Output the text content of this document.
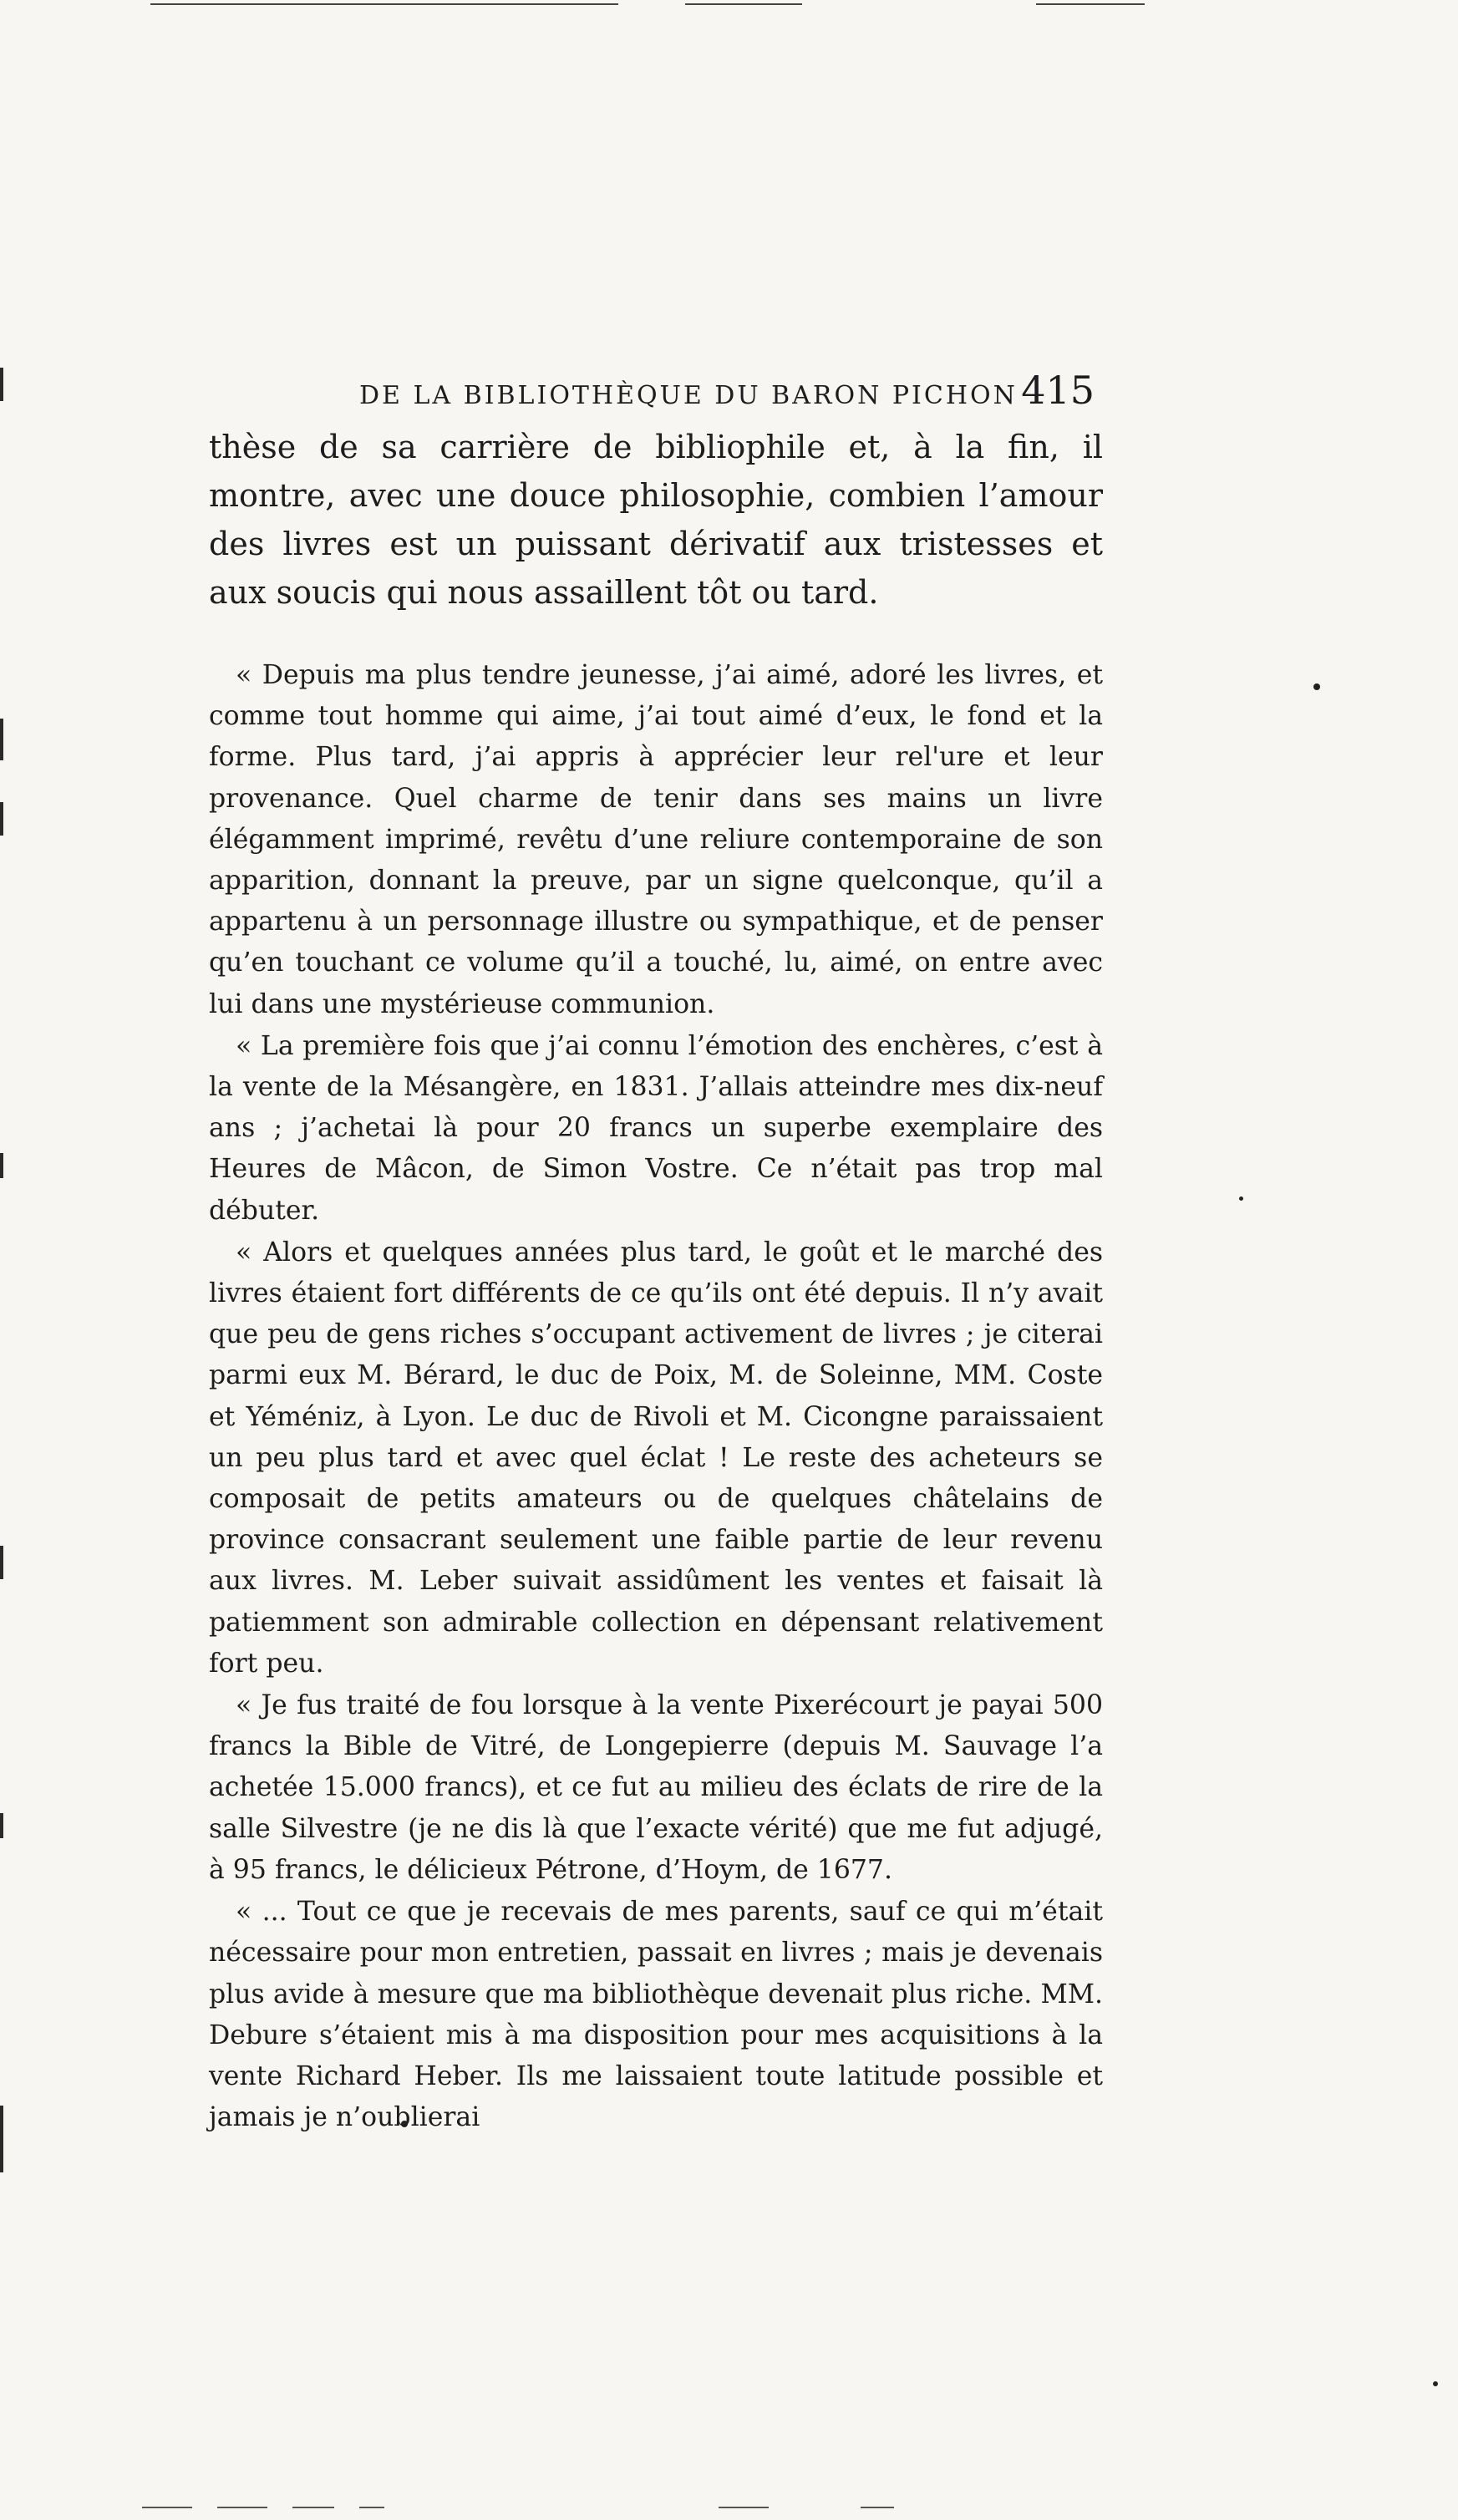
DE LA BIBLIOTHÈQUE DU BARON PICHON 415

thèse de sa carrière de bibliophile et, à la fin, il montre, avec une douce philosophie, combien l’amour des livres est un puissant dérivatif aux tristesses et aux soucis qui nous assaillent tôt ou tard.

« Depuis ma plus tendre jeunesse, j’ai aimé, adoré les livres, et comme tout homme qui aime, j’ai tout aimé d’eux, le fond et la forme. Plus tard, j’ai appris à apprécier leur rel'ure et leur provenance. Quel charme de tenir dans ses mains un livre élégamment imprimé, revêtu d’une reliure contemporaine de son apparition, donnant la preuve, par un signe quelconque, qu’il a appartenu à un personnage illustre ou sympathique, et de penser qu’en touchant ce volume qu’il a touché, lu, aimé, on entre avec lui dans une mystérieuse communion.

« La première fois que j’ai connu l’émotion des enchères, c’est à la vente de la Mésangère, en 1831. J’allais atteindre mes dix-neuf ans ; j’achetai là pour 20 francs un superbe exemplaire des Heures de Mâcon, de Simon Vostre. Ce n’était pas trop mal débuter.

« Alors et quelques années plus tard, le goût et le marché des livres étaient fort différents de ce qu’ils ont été depuis. Il n’y avait que peu de gens riches s’occupant activement de livres ; je citerai parmi eux M. Bérard, le duc de Poix, M. de Soleinne, MM. Coste et Yéméniz, à Lyon. Le duc de Rivoli et M. Cicongne paraissaient un peu plus tard et avec quel éclat ! Le reste des acheteurs se composait de petits amateurs ou de quelques châtelains de province consacrant seulement une faible partie de leur revenu aux livres. M. Leber suivait assidûment les ventes et faisait là patiemment son admirable collection en dépensant relativement fort peu.

« Je fus traité de fou lorsque à la vente Pixerécourt je payai 500 francs la Bible de Vitré, de Longepierre (depuis M. Sauvage l’a achetée 15.000 francs), et ce fut au milieu des éclats de rire de la salle Silvestre (je ne dis là que l’exacte vérité) que me fut adjugé, à 95 francs, le délicieux Pétrone, d’Hoym, de 1677.

« ... Tout ce que je recevais de mes parents, sauf ce qui m’était nécessaire pour mon entretien, passait en livres ; mais je devenais plus avide à mesure que ma bibliothèque devenait plus riche. MM. Debure s’étaient mis à ma disposition pour mes acquisitions à la vente Richard Heber. Ils me laissaient toute latitude possible et jamais je n’oublierai
